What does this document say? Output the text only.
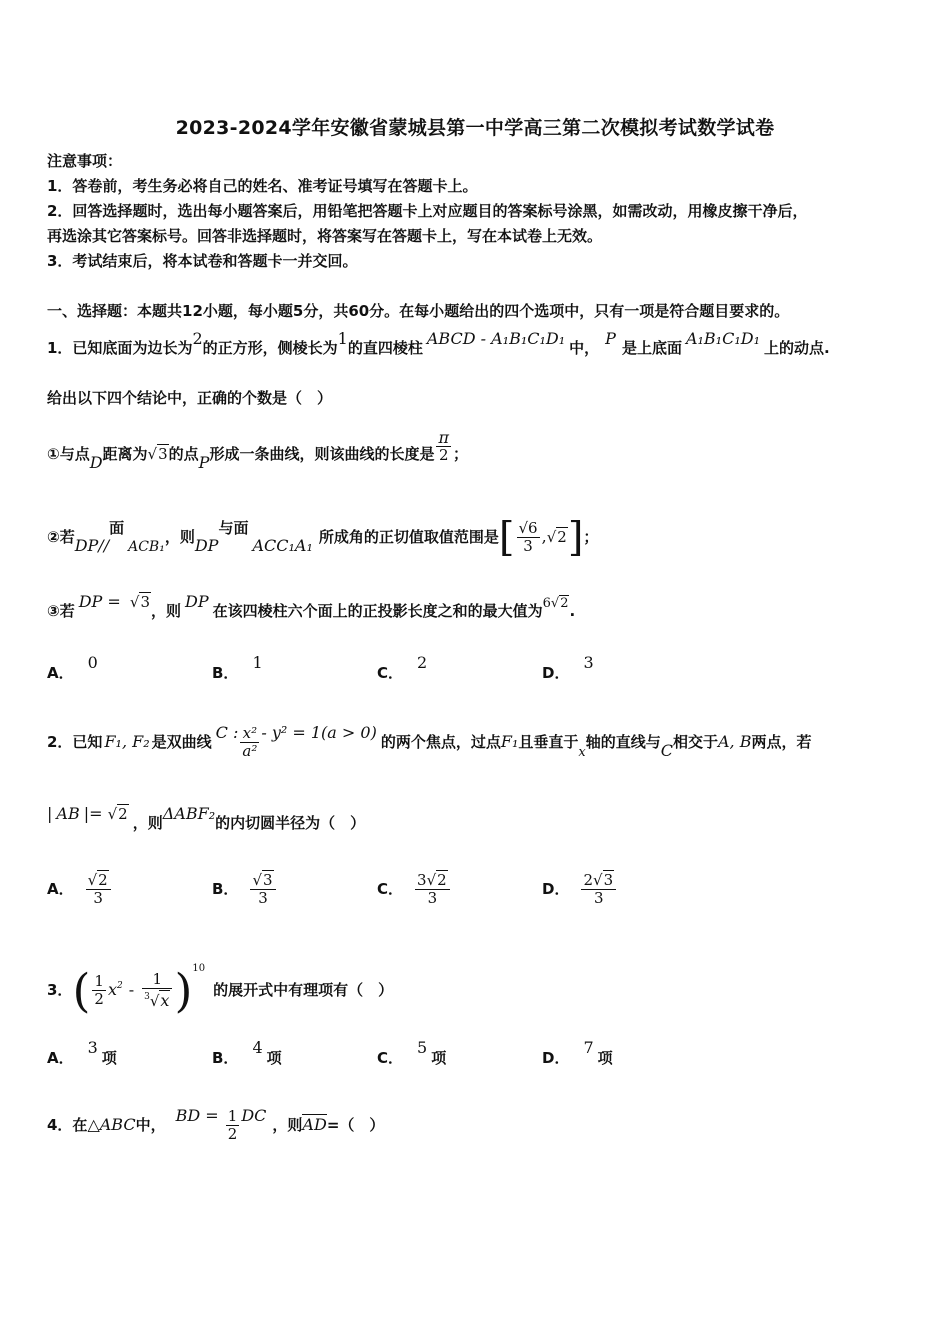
2023-2024学年安徽省蒙城县第一中学高三第二次模拟考试数学试卷
注意事项：
1．答卷前，考生务必将自己的姓名、准考证号填写在答题卡上。
2．回答选择题时，选出每小题答案后，用铅笔把答题卡上对应题目的答案标号涂黑，如需改动，用橡皮擦干净后，
再选涂其它答案标号。回答非选择题时，将答案写在答题卡上，写在本试卷上无效。
3．考试结束后，将本试卷和答题卡一并交回。
一、选择题：本题共12小题，每小题5分，共60分。在每小题给出的四个选项中，只有一项是符合题目要求的。
1．已知底面为边长为2的正方形，侧棱长为1的直四棱柱 ABCD - A₁B₁C₁D₁ 中， P 是上底面 A₁B₁C₁D₁ 上的动点.
给出以下四个结论中，正确的个数是（　）
①与点D距离为√3的点P形成一条曲线，则该曲线的长度是 $\frac{\pi}{2}$ ；
②若DP//面ACB₁，则DP与面ACC₁A₁ 所成角的正切值取值范围是[ $\frac{√6}{3} ,√2$]；
③若 DP = √3，则 DP 在该四棱柱六个面上的正投影长度之和的最大值为6√2.
A．0
B．1
C．2
D．3
2．已知 F₁, F₂ 是双曲线 C : $\frac{\text{x²}}{\text{a²}} - y^2 = 1(a > 0)$ 的两个焦点，过点F₁且垂直于x轴的直线与C相交于A, B两点，若
| AB |= √2 ，则ΔABF₂的内切圆半径为（　）
A． $\frac{√2}{3}$	B． $\frac{√3}{3}$	C． $\frac{3√2}{3}$	D． $\frac{2√3}{3}$
3．( $\frac{1}{2} x^2 - \frac{1}{^3√x} )^{10}$的展开式中有理项有（　）
A．3项	B．4项	C．5项	D．7项
4．在△ABC中， BD = $\frac{1}{2}$ DC ，则AD=（　）
